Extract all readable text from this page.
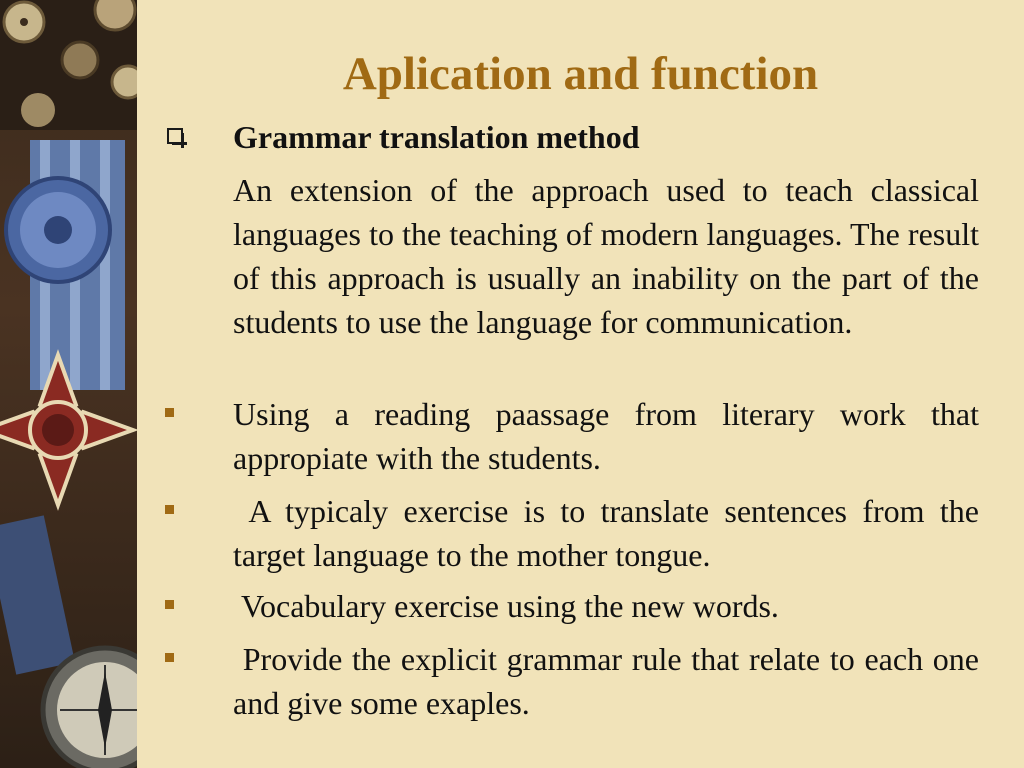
Aplication and function
Grammar translation method
An extension of the approach used to teach classical languages to the teaching of modern languages. The result of this approach is usually an inability on the part of the students to use the language for communication.
Using a reading paassage from literary work that appropiate with the students.
A typicaly exercise is to translate sentences from the target language to the mother tongue.
Vocabulary exercise using the new words.
Provide the explicit grammar rule that relate to each one and give some exaples.
